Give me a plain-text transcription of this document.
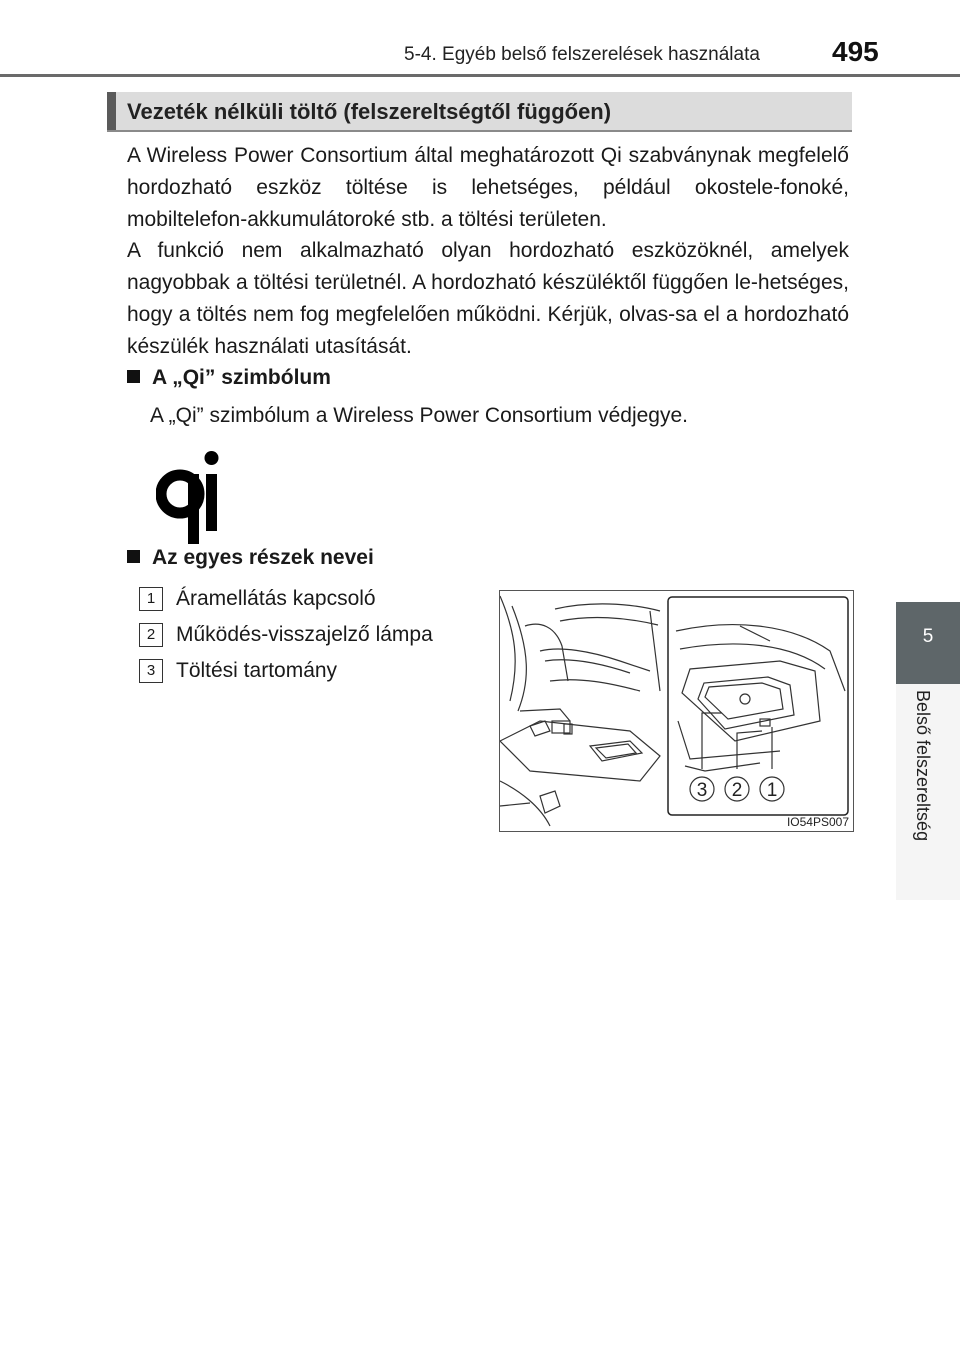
5-4. Egyéb belső felszerelések használata	495
5
Belső felszereltség
Vezeték nélküli töltő (felszereltségtől függően)

A Wireless Power Consortium által meghatározott Qi szabványnak megfelelő hordozható eszköz töltése is lehetséges, például okostele-fonoké, mobiltelefon-akkumulátoroké stb. a töltési területen.

A funkció nem alkalmazható olyan hordozható eszközöknél, amelyek nagyobbak a töltési területnél. A hordozható készüléktől függően le-hetséges, hogy a töltés nem fog megfelelően működni. Kérjük, olvas-sa el a hordozható készülék használati utasítását.

A „Qi” szimbólum
A „Qi” szimbólum a Wireless Power Consortium védjegye.
Az egyes részek nevei
1 Áramellátás kapcsoló
2 Működés-visszajelző lámpa
3 Töltési tartomány
3 2 1
IO54PS007
